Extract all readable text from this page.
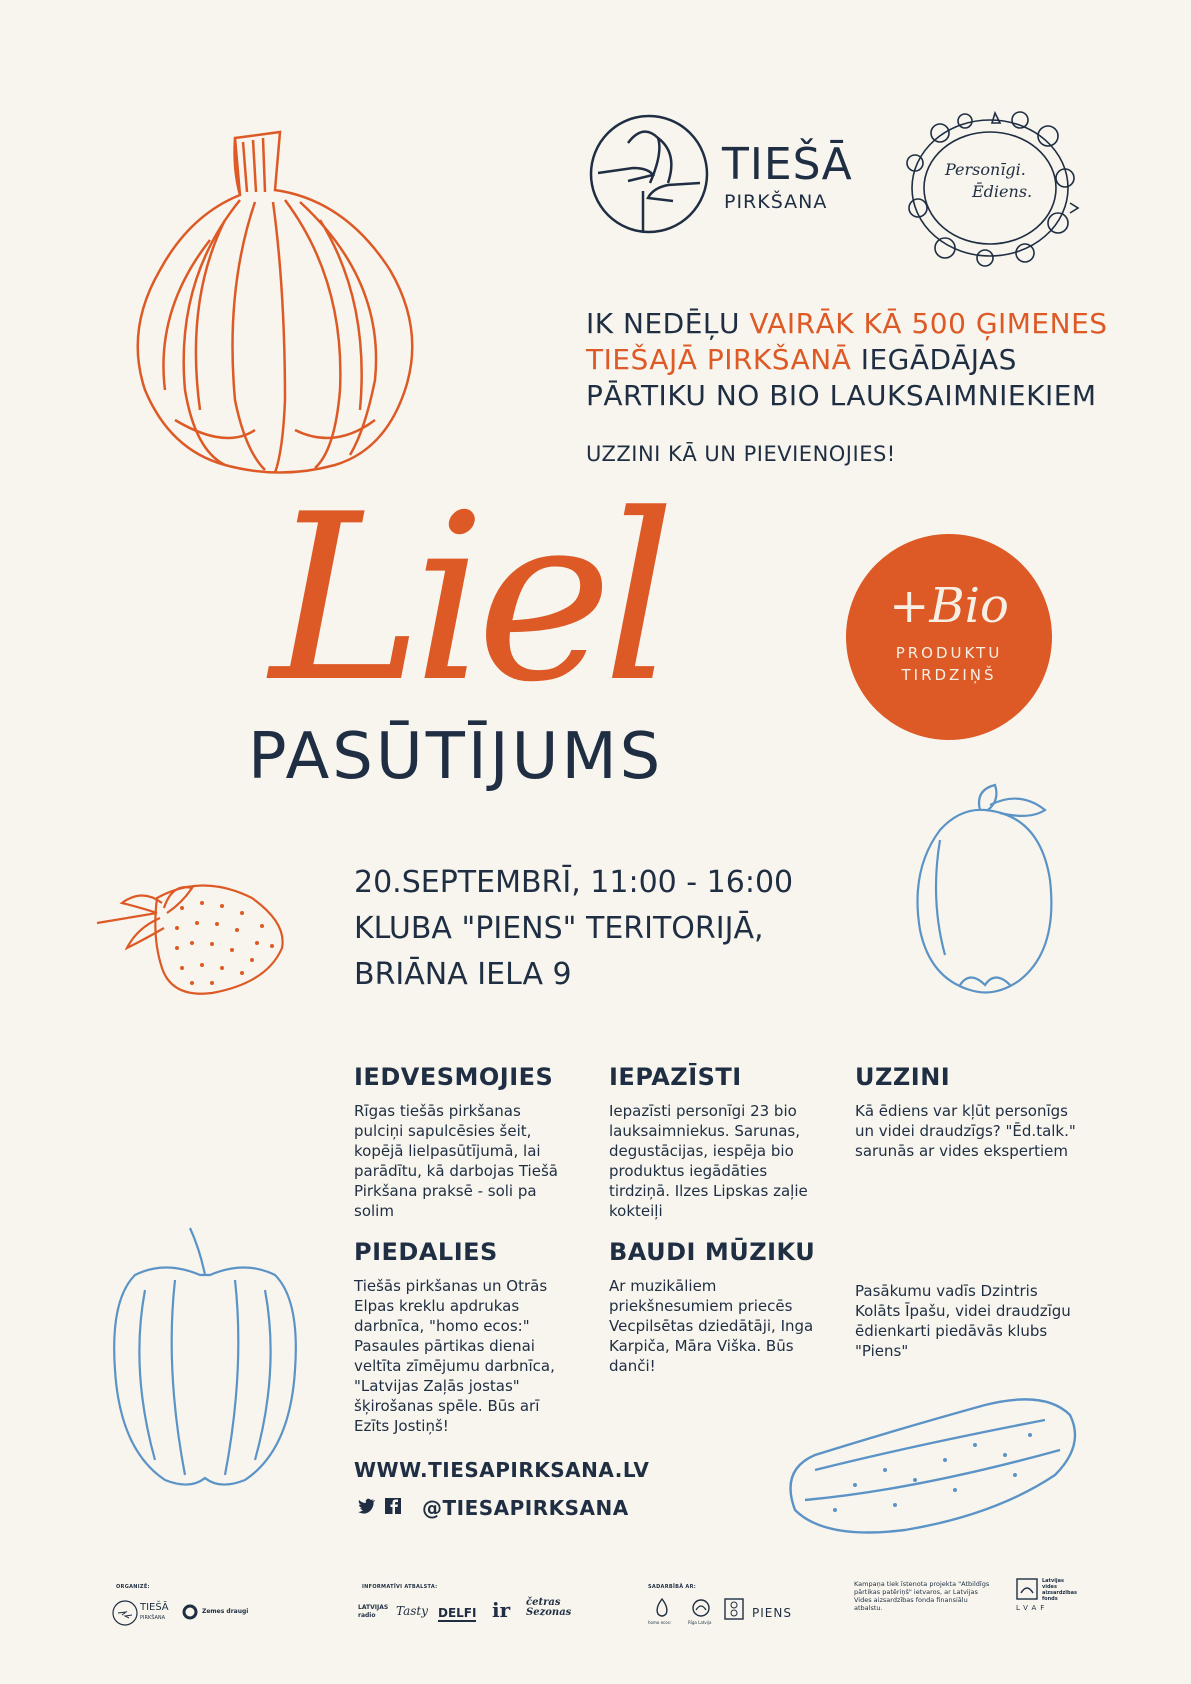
TIEŠĀ
PIRKŠANA
Personīgi.
Ēdiens.
IK NEDĒĻU VAIRĀK KĀ 500 ĢIMENES
TIEŠAJĀ PIRKŠANĀ IEGĀDĀJAS
PĀRTIKU NO BIO LAUKSAIMNIEKIEM
UZZINI KĀ UN PIEVIENOJIES!
Liel
PASŪTĪJUMS
+Bio
PRODUKTU
TIRDZIŅŠ
20.SEPTEMBRĪ, 11:00 - 16:00
KLUBA "PIENS" TERITORIJĀ,
BRIĀNA IELA 9
IEDVESMOJIES
Rīgas tiešās pirkšanas pulciņi sapulcēsies šeit, kopējā lielpasūtījumā, lai parādītu, kā darbojas Tiešā Pirkšana praksē - soli pa solim
IEPAZĪSTI
Iepazīsti personīgi 23 bio lauksaimniekus. Sarunas, degustācijas, iespēja bio produktus iegādāties tirdziņā. Ilzes Lipskas zaļie kokteiļi
UZZINI
Kā ēdiens var kļūt personīgs un videi draudzīgs? "Ēd.talk." sarunās ar vides ekspertiem
PIEDALIES
Tiešās pirkšanas un Otrās Elpas kreklu apdrukas darbnīca, "homo ecos:" Pasaules pārtikas dienai veltīta zīmējumu darbnīca, "Latvijas Zaļās jostas" šķirošanas spēle. Būs arī Ezīts Jostiņš!
BAUDI MŪZIKU
Ar muzikāliem priekšnesumiem priecēs Vecpilsētas dziedātāji, Inga Karpiča, Māra Viška. Būs danči!
Pasākumu vadīs Dzintris Kolāts Īpašu, videi draudzīgu ēdienkarti piedāvās klubs "Piens"
WWW.TIESAPIRKSANA.LV
@TIESAPIRKSANA
ORGANIZĒ:
TIEŠĀ
PIRKŠANA
Zemes draugi
INFORMATĪVI ATBALSTA:
LATVIJAS radio	Tasty DELFI ir četras Sezonas
SADARBĪBĀ AR:
homo ecos:	Rīga Latvija
PIENS
Kampaņa tiek īstenota projekta "Atbildīgs pārtikas patēriņš" ietvaros, ar Latvijas Vides aizsardzības fonda finansiālu atbalstu.
Latvijas vides aizsardzības fonds
LVAF
